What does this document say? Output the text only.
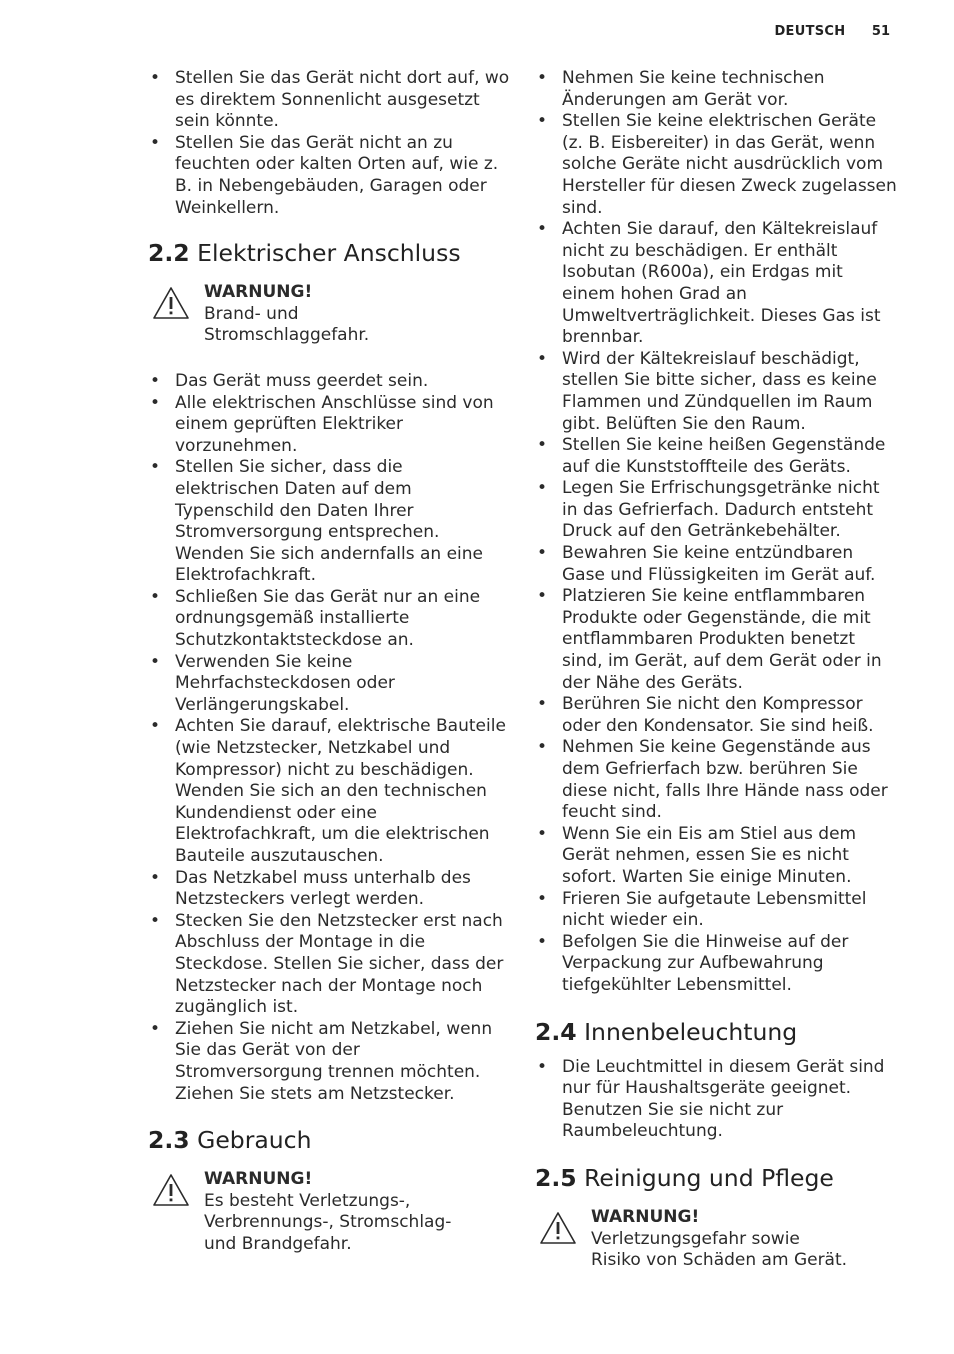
DEUTSCH 51
• Stellen Sie das Gerät nicht dort auf, wo es direktem Sonnenlicht ausgesetzt sein könnte.
• Stellen Sie das Gerät nicht an zu feuchten oder kalten Orten auf, wie z. B. in Nebengebäuden, Garagen oder Weinkellern.
2.2 Elektrischer Anschluss
WARNUNG!
Brand- und Stromschlaggefahr.
• Das Gerät muss geerdet sein.
• Alle elektrischen Anschlüsse sind von einem geprüften Elektriker vorzunehmen.
• Stellen Sie sicher, dass die elektrischen Daten auf dem Typenschild den Daten Ihrer Stromversorgung entsprechen. Wenden Sie sich andernfalls an eine Elektrofachkraft.
• Schließen Sie das Gerät nur an eine ordnungsgemäß installierte Schutzkontaktsteckdose an.
• Verwenden Sie keine Mehrfachsteckdosen oder Verlängerungskabel.
• Achten Sie darauf, elektrische Bauteile (wie Netzstecker, Netzkabel und Kompressor) nicht zu beschädigen. Wenden Sie sich an den technischen Kundendienst oder eine Elektrofachkraft, um die elektrischen Bauteile auszutauschen.
• Das Netzkabel muss unterhalb des Netzsteckers verlegt werden.
• Stecken Sie den Netzstecker erst nach Abschluss der Montage in die Steckdose. Stellen Sie sicher, dass der Netzstecker nach der Montage noch zugänglich ist.
• Ziehen Sie nicht am Netzkabel, wenn Sie das Gerät von der Stromversorgung trennen möchten. Ziehen Sie stets am Netzstecker.
2.3 Gebrauch
WARNUNG!
Es besteht Verletzungs-, Verbrennungs-, Stromschlag- und Brandgefahr.
• Nehmen Sie keine technischen Änderungen am Gerät vor.
• Stellen Sie keine elektrischen Geräte (z. B. Eisbereiter) in das Gerät, wenn solche Geräte nicht ausdrücklich vom Hersteller für diesen Zweck zugelassen sind.
• Achten Sie darauf, den Kältekreislauf nicht zu beschädigen. Er enthält Isobutan (R600a), ein Erdgas mit einem hohen Grad an Umweltverträglichkeit. Dieses Gas ist brennbar.
• Wird der Kältekreislauf beschädigt, stellen Sie bitte sicher, dass es keine Flammen und Zündquellen im Raum gibt. Belüften Sie den Raum.
• Stellen Sie keine heißen Gegenstände auf die Kunststoffteile des Geräts.
• Legen Sie Erfrischungsgetränke nicht in das Gefrierfach. Dadurch entsteht Druck auf den Getränkebehälter.
• Bewahren Sie keine entzündbaren Gase und Flüssigkeiten im Gerät auf.
• Platzieren Sie keine entflammbaren Produkte oder Gegenstände, die mit entflammbaren Produkten benetzt sind, im Gerät, auf dem Gerät oder in der Nähe des Geräts.
• Berühren Sie nicht den Kompressor oder den Kondensator. Sie sind heiß.
• Nehmen Sie keine Gegenstände aus dem Gefrierfach bzw. berühren Sie diese nicht, falls Ihre Hände nass oder feucht sind.
• Wenn Sie ein Eis am Stiel aus dem Gerät nehmen, essen Sie es nicht sofort. Warten Sie einige Minuten.
• Frieren Sie aufgetaute Lebensmittel nicht wieder ein.
• Befolgen Sie die Hinweise auf der Verpackung zur Aufbewahrung tiefgekühlter Lebensmittel.
2.4 Innenbeleuchtung
• Die Leuchtmittel in diesem Gerät sind nur für Haushaltsgeräte geeignet. Benutzen Sie sie nicht zur Raumbeleuchtung.
2.5 Reinigung und Pflege
WARNUNG!
Verletzungsgefahr sowie Risiko von Schäden am Gerät.
